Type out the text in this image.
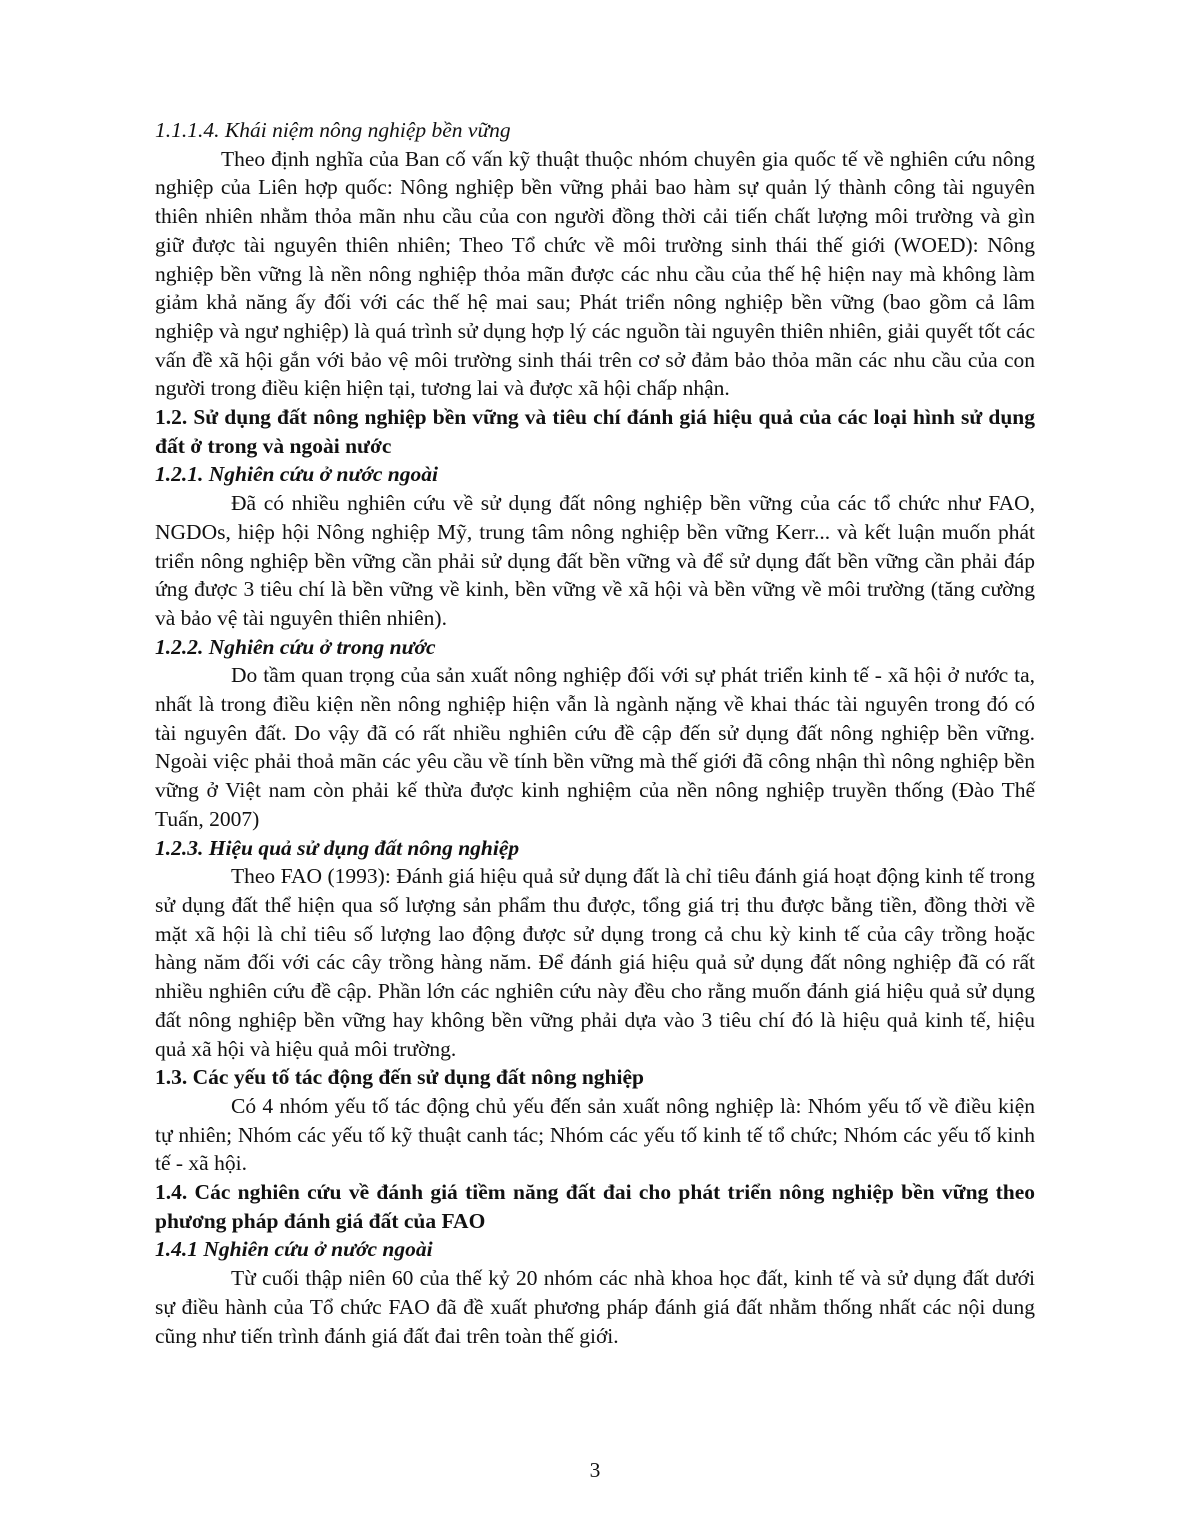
1.1.1.4. Khái niệm nông nghiệp bền vững

Theo định nghĩa của Ban cố vấn kỹ thuật thuộc nhóm chuyên gia quốc tế về nghiên cứu nông nghiệp của Liên hợp quốc: Nông nghiệp bền vững phải bao hàm sự quản lý thành công tài nguyên thiên nhiên nhằm thỏa mãn nhu cầu của con người đồng thời cải tiến chất lượng môi trường và gìn giữ được tài nguyên thiên nhiên; Theo Tổ chức về môi trường sinh thái thế giới (WOED): Nông nghiệp bền vững là nền nông nghiệp thỏa mãn được các nhu cầu của thế hệ hiện nay mà không làm giảm khả năng ấy đối với các thế hệ mai sau; Phát triển nông nghiệp bền vững (bao gồm cả lâm nghiệp và ngư nghiệp) là quá trình sử dụng hợp lý các nguồn tài nguyên thiên nhiên, giải quyết tốt các vấn đề xã hội gắn với bảo vệ môi trường sinh thái trên cơ sở đảm bảo thỏa mãn các nhu cầu của con người trong điều kiện hiện tại, tương lai và được xã hội chấp nhận.

1.2. Sử dụng đất nông nghiệp bền vững và tiêu chí đánh giá hiệu quả của các loại hình sử dụng đất ở trong và ngoài nước
1.2.1. Nghiên cứu ở nước ngoài

Đã có nhiều nghiên cứu về sử dụng đất nông nghiệp bền vững của các tổ chức như FAO, NGDOs, hiệp hội Nông nghiệp Mỹ, trung tâm nông nghiệp bền vững Kerr... và kết luận muốn phát triển nông nghiệp bền vững cần phải sử dụng đất bền vững và để sử dụng đất bền vững cần phải đáp ứng được 3 tiêu chí là bền vững về kinh, bền vững về xã hội và bền vững về môi trường (tăng cường và bảo vệ tài nguyên thiên nhiên).

1.2.2. Nghiên cứu ở trong nước

Do tầm quan trọng của sản xuất nông nghiệp đối với sự phát triển kinh tế - xã hội ở nước ta, nhất là trong điều kiện nền nông nghiệp hiện vẫn là ngành nặng về khai thác tài nguyên trong đó có tài nguyên đất. Do vậy đã có rất nhiều nghiên cứu đề cập đến sử dụng đất nông nghiệp bền vững. Ngoài việc phải thoả mãn các yêu cầu về tính bền vững mà thế giới đã công nhận thì nông nghiệp bền vững ở Việt nam còn phải kế thừa được kinh nghiệm của nền nông nghiệp truyền thống (Đào Thế Tuấn, 2007)

1.2.3. Hiệu quả sử dụng đất nông nghiệp

Theo FAO (1993): Đánh giá hiệu quả sử dụng đất là chỉ tiêu đánh giá hoạt động kinh tế trong sử dụng đất thể hiện qua số lượng sản phẩm thu được, tổng giá trị thu được bằng tiền, đồng thời về mặt xã hội là chỉ tiêu số lượng lao động được sử dụng trong cả chu kỳ kinh tế của cây trồng hoặc hàng năm đối với các cây trồng hàng năm. Để đánh giá hiệu quả sử dụng đất nông nghiệp đã có rất nhiều nghiên cứu đề cập. Phần lớn các nghiên cứu này đều cho rằng muốn đánh giá hiệu quả sử dụng đất nông nghiệp bền vững hay không bền vững phải dựa vào 3 tiêu chí đó là hiệu quả kinh tế, hiệu quả xã hội và hiệu quả môi trường.

1.3. Các yếu tố tác động đến sử dụng đất nông nghiệp

Có 4 nhóm yếu tố tác động chủ yếu đến sản xuất nông nghiệp là: Nhóm yếu tố về điều kiện tự nhiên; Nhóm các yếu tố kỹ thuật canh tác; Nhóm các yếu tố kinh tế tổ chức; Nhóm các yếu tố kinh tế - xã hội.

1.4. Các nghiên cứu về đánh giá tiềm năng đất đai cho phát triển nông nghiệp bền vững theo phương pháp đánh giá đất của FAO
1.4.1 Nghiên cứu ở nước ngoài

Từ cuối thập niên 60 của thế kỷ 20 nhóm các nhà khoa học đất, kinh tế và sử dụng đất dưới sự điều hành của Tổ chức FAO đã đề xuất phương pháp đánh giá đất nhằm thống nhất các nội dung cũng như tiến trình đánh giá đất đai trên toàn thế giới.

3
